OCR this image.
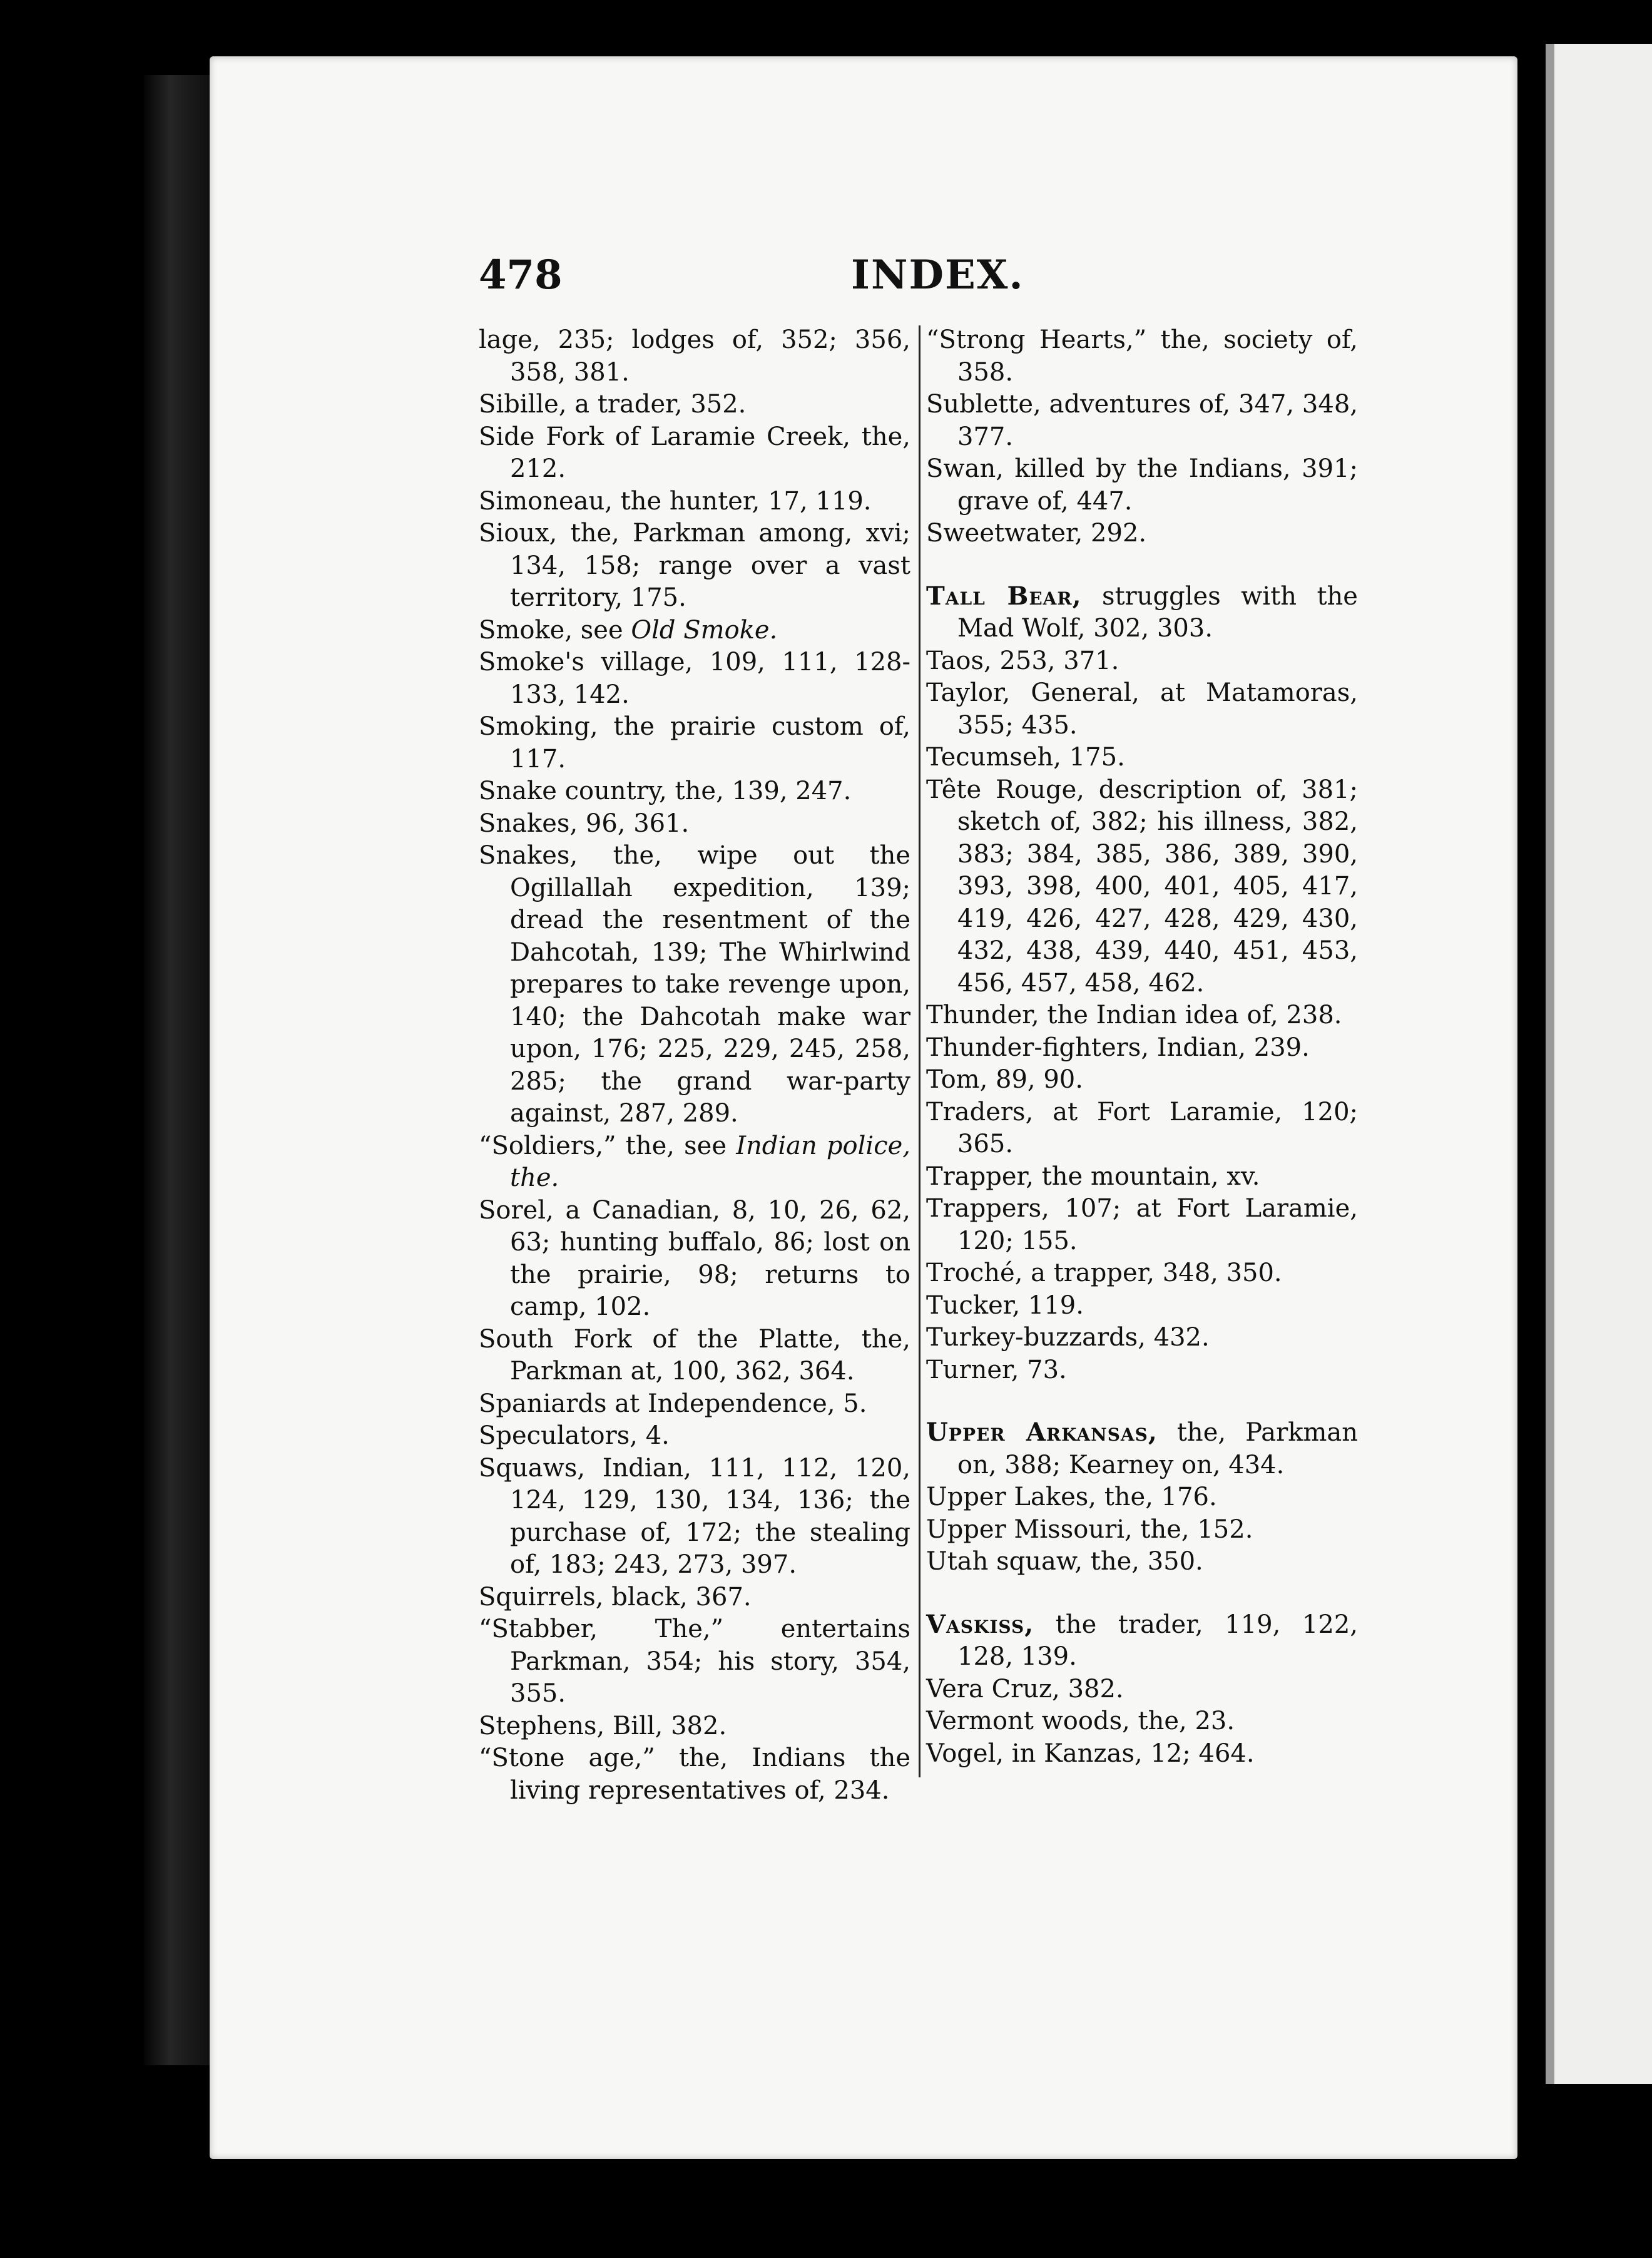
478	INDEX.

lage, 235; lodges of, 352; 356, 358, 381.

Sibille, a trader, 352.

Side Fork of Laramie Creek, the, 212.

Simoneau, the hunter, 17, 119.

Sioux, the, Parkman among, xvi; 134, 158; range over a vast territory, 175.

Smoke, see Old Smoke.

Smoke's village, 109, 111, 128-133, 142.

Smoking, the prairie custom of, 117.

Snake country, the, 139, 247.

Snakes, 96, 361.

Snakes, the, wipe out the Ogillallah expedition, 139; dread the resentment of the Dahcotah, 139; The Whirlwind prepares to take revenge upon, 140; the Dahcotah make war upon, 176; 225, 229, 245, 258, 285; the grand war-party against, 287, 289.

“Soldiers,” the, see Indian police, the.

Sorel, a Canadian, 8, 10, 26, 62, 63; hunting buffalo, 86; lost on the prairie, 98; returns to camp, 102.

South Fork of the Platte, the, Parkman at, 100, 362, 364.

Spaniards at Independence, 5.

Speculators, 4.

Squaws, Indian, 111, 112, 120, 124, 129, 130, 134, 136; the purchase of, 172; the stealing of, 183; 243, 273, 397.

Squirrels, black, 367.

“Stabber, The,” entertains Parkman, 354; his story, 354, 355.

Stephens, Bill, 382.

“Stone age,” the, Indians the living representatives of, 234.

“Strong Hearts,” the, society of, 358.

Sublette, adventures of, 347, 348, 377.

Swan, killed by the Indians, 391; grave of, 447.

Sweetwater, 292.

Tall Bear, struggles with the Mad Wolf, 302, 303.

Taos, 253, 371.

Taylor, General, at Matamoras, 355; 435.

Tecumseh, 175.

Tête Rouge, description of, 381; sketch of, 382; his illness, 382, 383; 384, 385, 386, 389, 390, 393, 398, 400, 401, 405, 417, 419, 426, 427, 428, 429, 430, 432, 438, 439, 440, 451, 453, 456, 457, 458, 462.

Thunder, the Indian idea of, 238.

Thunder-fighters, Indian, 239.

Tom, 89, 90.

Traders, at Fort Laramie, 120; 365.

Trapper, the mountain, xv.

Trappers, 107; at Fort Laramie, 120; 155.

Troché, a trapper, 348, 350.

Tucker, 119.

Turkey-buzzards, 432.

Turner, 73.

Upper Arkansas, the, Parkman on, 388; Kearney on, 434.

Upper Lakes, the, 176.

Upper Missouri, the, 152.

Utah squaw, the, 350.

Vaskiss, the trader, 119, 122, 128, 139.

Vera Cruz, 382.

Vermont woods, the, 23.

Vogel, in Kanzas, 12; 464.
